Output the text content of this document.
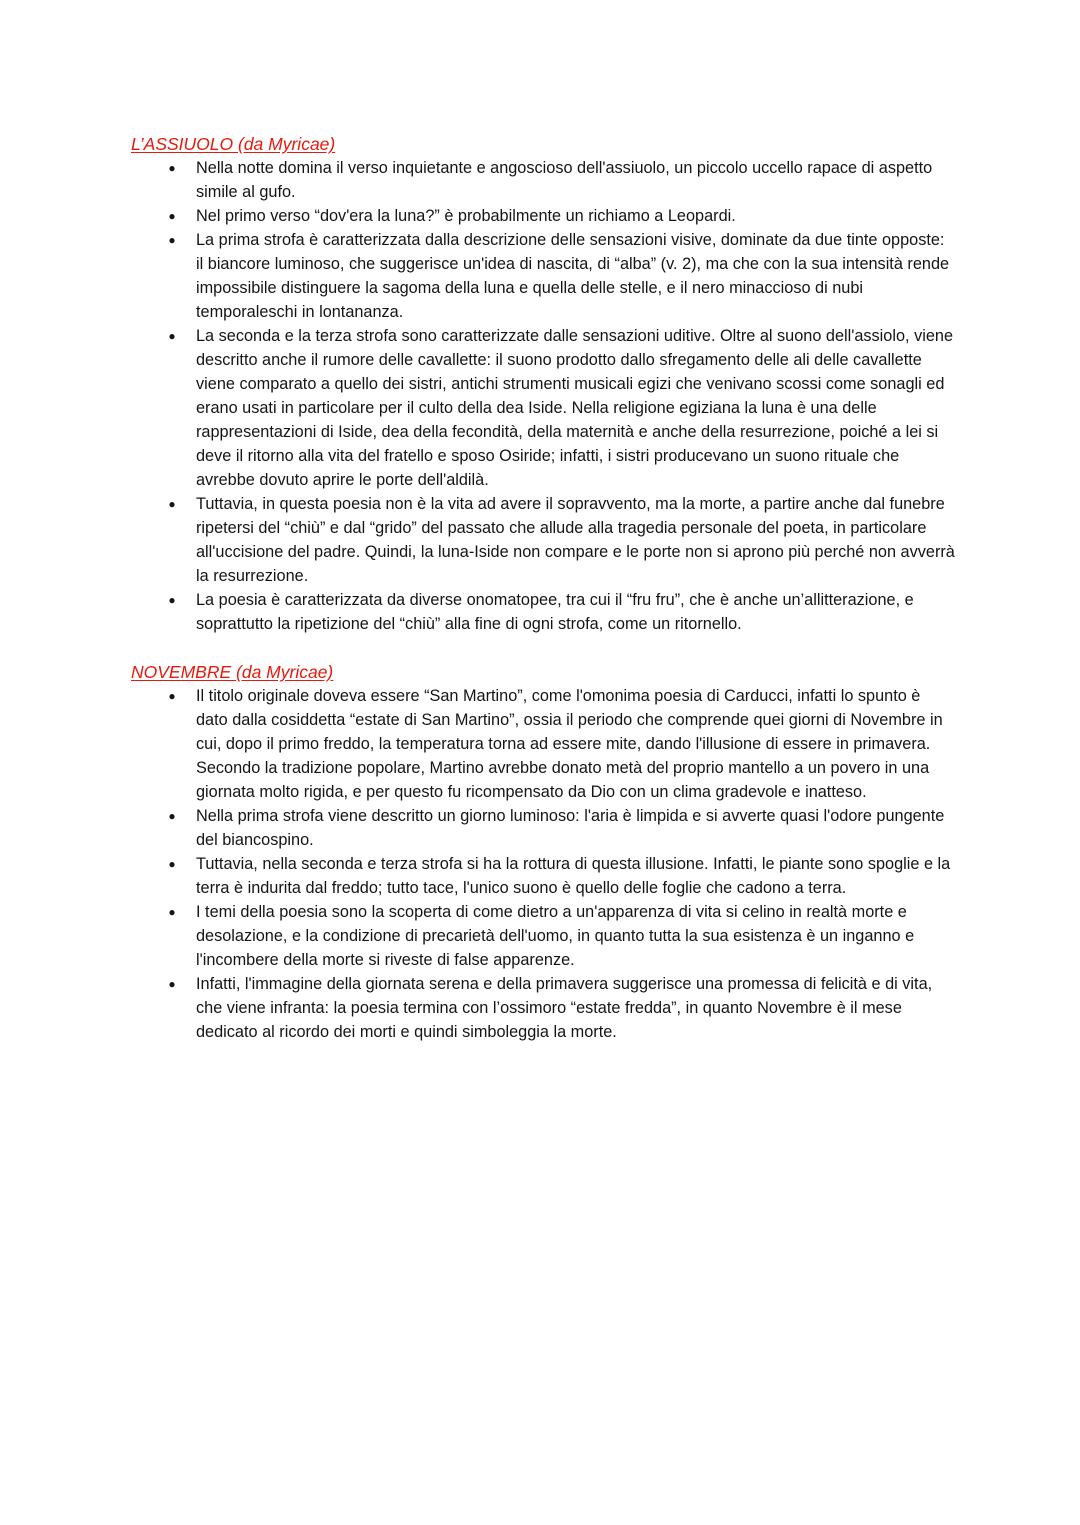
L’ASSIUOLO (da Myricae)
● Nella notte domina il verso inquietante e angoscioso dell'assiuolo, un piccolo uccello rapace di aspetto simile al gufo.
● Nel primo verso “dov'era la luna?” è probabilmente un richiamo a Leopardi.
● La prima strofa è caratterizzata dalla descrizione delle sensazioni visive, dominate da due tinte opposte: il biancore luminoso, che suggerisce un'idea di nascita, di “alba” (v. 2), ma che con la sua intensità rende impossibile distinguere la sagoma della luna e quella delle stelle, e il nero minaccioso di nubi temporaleschi in lontananza.
● La seconda e la terza strofa sono caratterizzate dalle sensazioni uditive. Oltre al suono dell'assiolo, viene descritto anche il rumore delle cavallette: il suono prodotto dallo sfregamento delle ali delle cavallette viene comparato a quello dei sistri, antichi strumenti musicali egizi che venivano scossi come sonagli ed erano usati in particolare per il culto della dea Iside. Nella religione egiziana la luna è una delle rappresentazioni di Iside, dea della fecondità, della maternità e anche della resurrezione, poiché a lei si deve il ritorno alla vita del fratello e sposo Osiride; infatti, i sistri producevano un suono rituale che avrebbe dovuto aprire le porte dell'aldilà.
● Tuttavia, in questa poesia non è la vita ad avere il sopravvento, ma la morte, a partire anche dal funebre ripetersi del “chiù” e dal “grido” del passato che allude alla tragedia personale del poeta, in particolare all'uccisione del padre. Quindi, la luna-Iside non compare e le porte non si aprono più perché non avverrà la resurrezione.
● La poesia è caratterizzata da diverse onomatopee, tra cui il “fru fru”, che è anche un’allitterazione, e soprattutto la ripetizione del “chiù” alla fine di ogni strofa, come un ritornello.
NOVEMBRE (da Myricae)
● Il titolo originale doveva essere “San Martino”, come l'omonima poesia di Carducci, infatti lo spunto è dato dalla cosiddetta “estate di San Martino”, ossia il periodo che comprende quei giorni di Novembre in cui, dopo il primo freddo, la temperatura torna ad essere mite, dando l'illusione di essere in primavera. Secondo la tradizione popolare, Martino avrebbe donato metà del proprio mantello a un povero in una giornata molto rigida, e per questo fu ricompensato da Dio con un clima gradevole e inatteso.
● Nella prima strofa viene descritto un giorno luminoso: l'aria è limpida e si avverte quasi l'odore pungente del biancospino.
● Tuttavia, nella seconda e terza strofa si ha la rottura di questa illusione. Infatti, le piante sono spoglie e la terra è indurita dal freddo; tutto tace, l'unico suono è quello delle foglie che cadono a terra.
● I temi della poesia sono la scoperta di come dietro a un'apparenza di vita si celino in realtà morte e desolazione, e la condizione di precarietà dell'uomo, in quanto tutta la sua esistenza è un inganno e l'incombere della morte si riveste di false apparenze.
● Infatti, l'immagine della giornata serena e della primavera suggerisce una promessa di felicità e di vita, che viene infranta: la poesia termina con l’ossimoro “estate fredda”, in quanto Novembre è il mese dedicato al ricordo dei morti e quindi simboleggia la morte.
